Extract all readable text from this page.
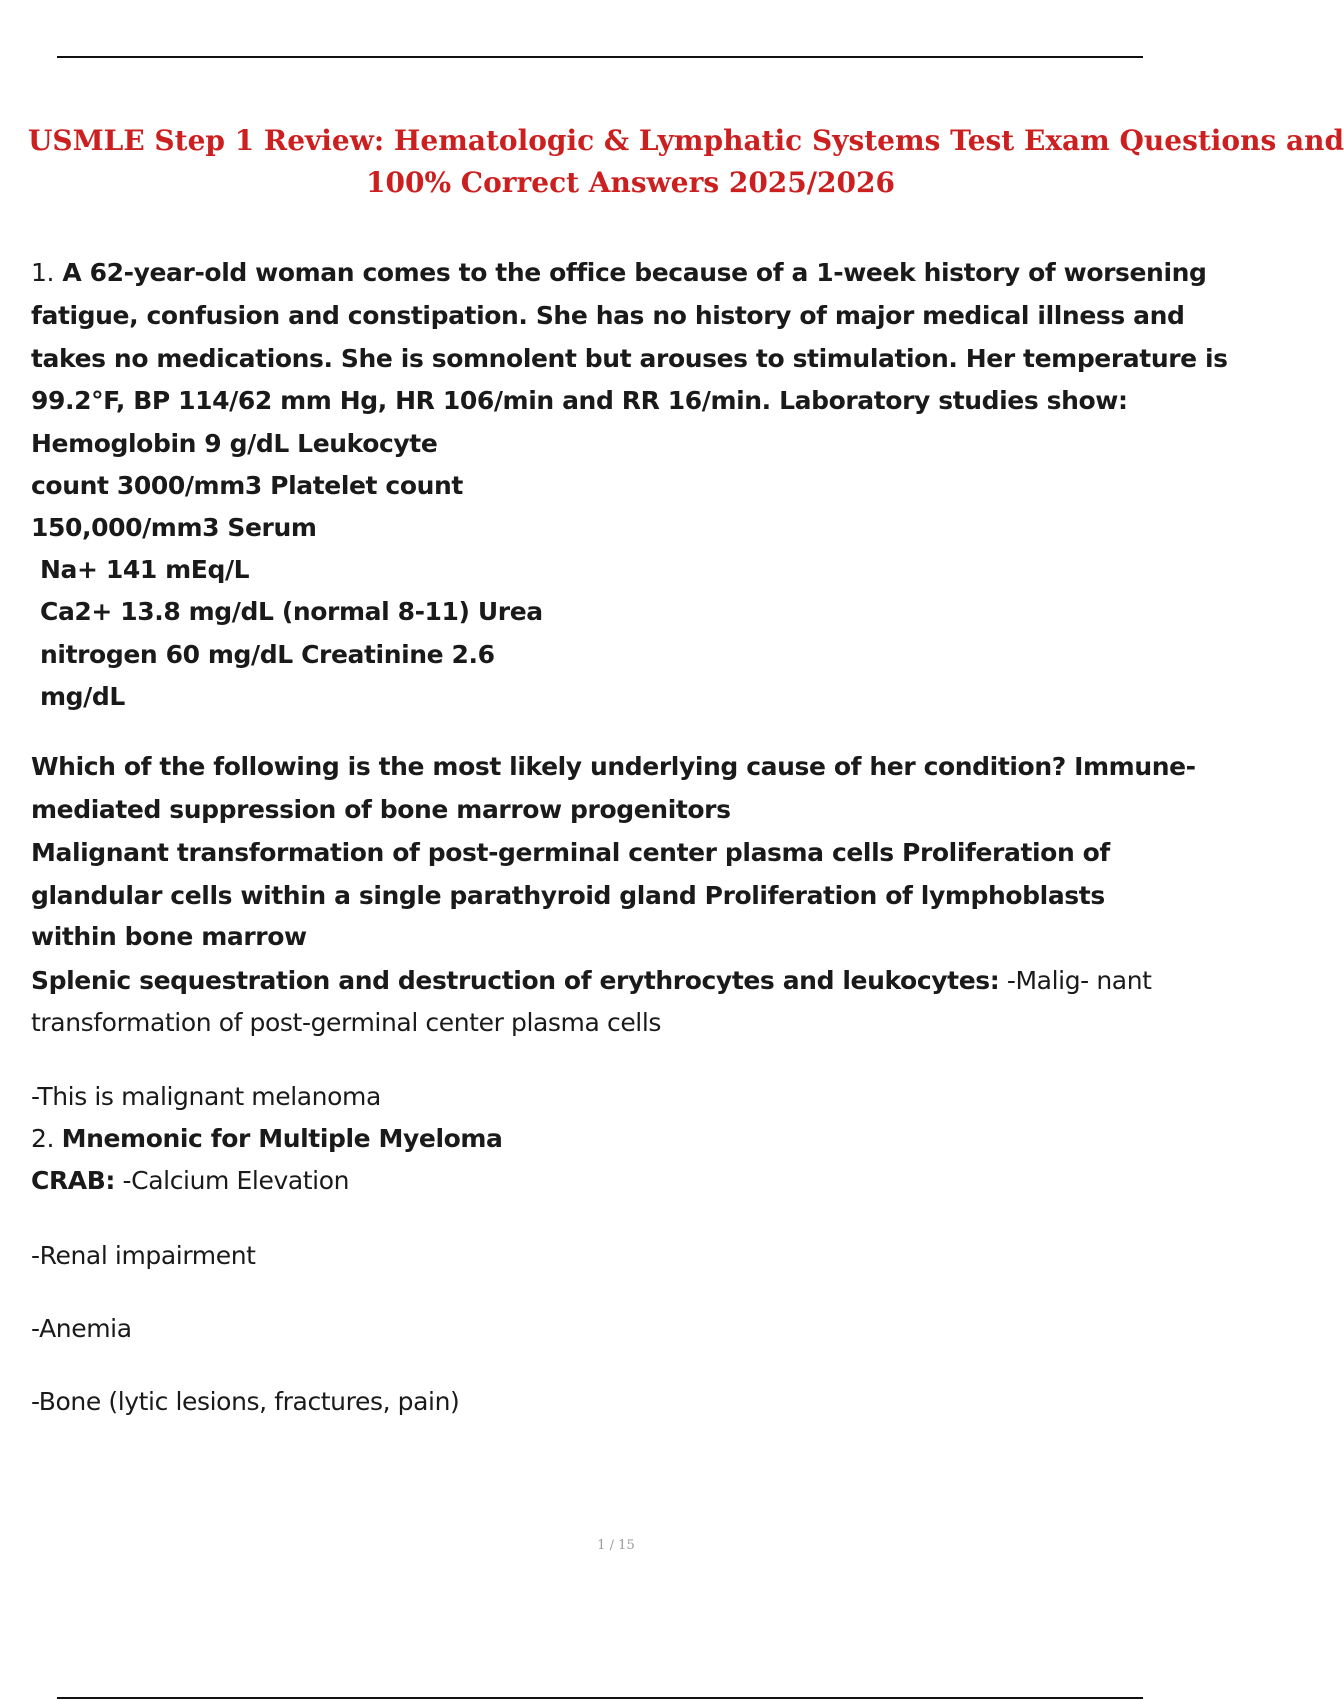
USMLE Step 1 Review: Hematologic & Lymphatic Systems Test Exam Questions and
100% Correct Answers 2025/2026
1. A 62-year-old woman comes to the office because of a 1-week history of worsening
fatigue, confusion and constipation. She has no history of major medical illness and
takes no medications. She is somnolent but arouses to stimulation. Her temperature is
99.2°F, BP 114/62 mm Hg, HR 106/min and RR 16/min. Laboratory studies show:
Hemoglobin 9 g/dL Leukocyte
count 3000/mm3 Platelet count
150,000/mm3 Serum
Na+ 141 mEq/L
Ca2+ 13.8 mg/dL (normal 8-11) Urea
nitrogen 60 mg/dL Creatinine 2.6
mg/dL
Which of the following is the most likely underlying cause of her condition? Immune-
mediated suppression of bone marrow progenitors
Malignant transformation of post-germinal center plasma cells Proliferation of
glandular cells within a single parathyroid gland Proliferation of lymphoblasts
within bone marrow
Splenic sequestration and destruction of erythrocytes and leukocytes: -Malig- nant
transformation of post-germinal center plasma cells
-This is malignant melanoma
2. Mnemonic for Multiple Myeloma
CRAB: -Calcium Elevation
-Renal impairment
-Anemia
-Bone (lytic lesions, fractures, pain)
1 / 15
